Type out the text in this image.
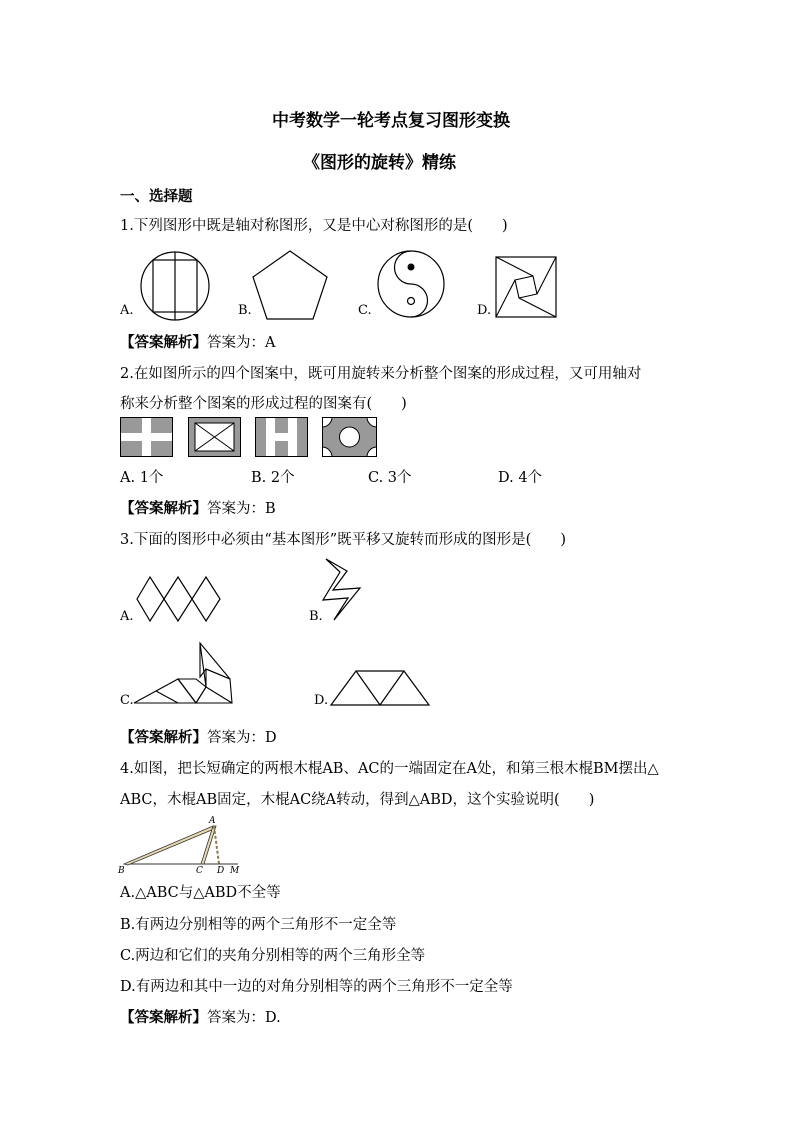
中考数学一轮考点复习图形变换
《图形的旋转》精练
一、选择题
1.下列图形中既是轴对称图形，又是中心对称图形的是(　　)
A.	B.	C.	D.
【答案解析】答案为：A
2.在如图所示的四个图案中，既可用旋转来分析整个图案的形成过程，又可用轴对
称来分析整个图案的形成过程的图案有(　　)
A. 1个	B. 2个	C. 3个	D. 4个
【答案解析】答案为：B
3.下面的图形中必须由“基本图形”既平移又旋转而形成的图形是(　　)
A.	B.
C.	D.
【答案解析】答案为：D
4.如图，把长短确定的两根木棍AB、AC的一端固定在A处，和第三根木棍BM摆出△
ABC，木棍AB固定，木棍AC绕A转动，得到△ABD，这个实验说明(　　)
A
B	C D M
A.△ABC与△ABD不全等
B.有两边分别相等的两个三角形不一定全等
C.两边和它们的夹角分别相等的两个三角形全等
D.有两边和其中一边的对角分别相等的两个三角形不一定全等
【答案解析】答案为：D.
